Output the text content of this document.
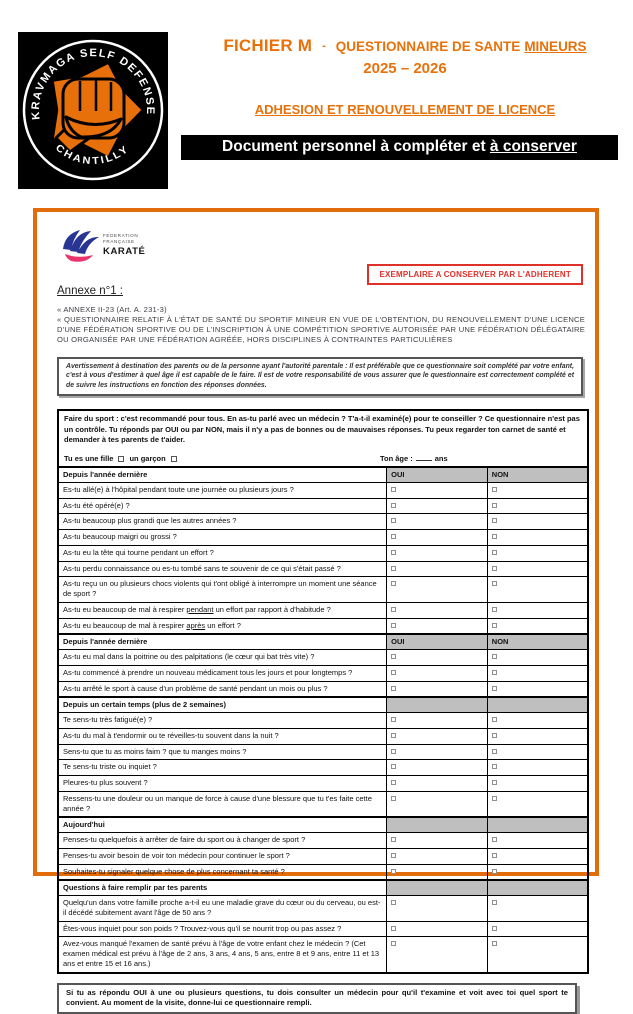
KRAVMAGA SELF DEFENSE
CHANTILLY
FICHIER M - QUESTIONNAIRE DE SANTE MINEURS
2025 – 2026
ADHESION ET RENOUVELLEMENT DE LICENCE
Document personnel à compléter et à conserver
FEDERATION
FRANÇAISE
KARATÉ
EXEMPLAIRE A CONSERVER PAR L'ADHERENT
Annexe n°1 :
« ANNEXE II-23 (Art. A. 231-3)
« QUESTIONNAIRE RELATIF À L'ÉTAT DE SANTÉ DU SPORTIF MINEUR EN VUE DE L'OBTENTION, DU RENOUVELLEMENT D'UNE LICENCE D'UNE FÉDÉRATION SPORTIVE OU DE L'INSCRIPTION À UNE COMPÉTITION SPORTIVE AUTORISÉE PAR UNE FÉDÉRATION DÉLÉGATAIRE OU ORGANISÉE PAR UNE FÉDÉRATION AGRÉÉE, HORS DISCIPLINES À CONTRAINTES PARTICULIÈRES
Avertissement à destination des parents ou de la personne ayant l'autorité parentale : Il est préférable que ce questionnaire soit complété par votre enfant, c'est à vous d'estimer à quel âge il est capable de le faire. Il est de votre responsabilité de vous assurer que le questionnaire est correctement complété et de suivre les instructions en fonction des réponses données.
Faire du sport : c'est recommandé pour tous. En as-tu parlé avec un médecin ? T'a-t-il examiné(e) pour te conseiller ? Ce questionnaire n'est pas un contrôle. Tu réponds par OUI ou par NON, mais il n'y a pas de bonnes ou de mauvaises réponses. Tu peux regarder ton carnet de santé et demander à tes parents de t'aider.
Tu es une fille un garçon Ton âge : ans		

Depuis l'année dernière	OUI	NON
Es-tu allé(e) à l'hôpital pendant toute une journée ou plusieurs jours ?		
As-tu été opéré(e) ?		
As-tu beaucoup plus grandi que les autres années ?		
As-tu beaucoup maigri ou grossi ?		
As-tu eu la tête qui tourne pendant un effort ?		
As-tu perdu connaissance ou es-tu tombé sans te souvenir de ce qui s'était passé ?		
As-tu reçu un ou plusieurs chocs violents qui t'ont obligé à interrompre un moment une séance de sport ?		
As-tu eu beaucoup de mal à respirer pendant un effort par rapport à d'habitude ?		
As-tu eu beaucoup de mal à respirer après un effort ?		
Depuis l'année dernière	OUI	NON
As-tu eu mal dans la poitrine ou des palpitations (le cœur qui bat très vite) ?		
As-tu commencé à prendre un nouveau médicament tous les jours et pour longtemps ?		
As-tu arrêté le sport à cause d'un problème de santé pendant un mois ou plus ?		
Depuis un certain temps (plus de 2 semaines)		
Te sens-tu très fatigué(e) ?		
As-tu du mal à t'endormir ou te réveilles-tu souvent dans la nuit ?		
Sens-tu que tu as moins faim ? que tu manges moins ?		
Te sens-tu triste ou inquiet ?		
Pleures-tu plus souvent ?		
Ressens-tu une douleur ou un manque de force à cause d'une blessure que tu t'es faite cette année ?		
Aujourd'hui		
Penses-tu quelquefois à arrêter de faire du sport ou à changer de sport ?		
Penses-tu avoir besoin de voir ton médecin pour continuer le sport ?		
Souhaites-tu signaler quelque chose de plus concernant ta santé ?		
Questions à faire remplir par tes parents		
Quelqu'un dans votre famille proche a-t-il eu une maladie grave du cœur ou du cerveau, ou est-il décédé subitement avant l'âge de 50 ans ?		
Êtes-vous inquiet pour son poids ? Trouvez-vous qu'il se nourrit trop ou pas assez ?		
Avez-vous manqué l'examen de santé prévu à l'âge de votre enfant chez le médecin ? (Cet examen médical est prévu à l'âge de 2 ans, 3 ans, 4 ans, 5 ans, entre 8 et 9 ans, entre 11 et 13 ans et entre 15 et 16 ans.)		
Si tu as répondu OUI à une ou plusieurs questions, tu dois consulter un médecin pour qu'il t'examine et voit avec toi quel sport te convient. Au moment de la visite, donne-lui ce questionnaire rempli.
